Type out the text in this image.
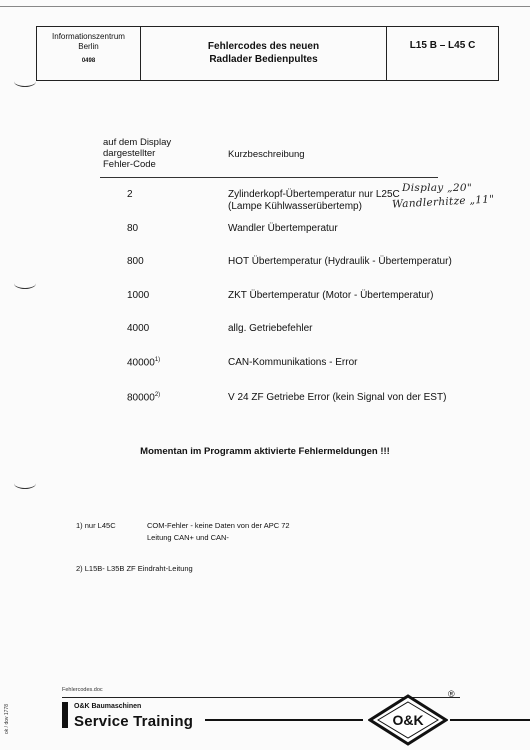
Informationszentrum
Berlin
0498
Fehlercodes des neuen
Radlader Bedienpultes
L15 B – L45 C
auf dem Display
dargestellter
Fehler-Code
Kurzbeschreibung
2	Zylinderkopf-Übertemperatur nur L25C
(Lampe Kühlwasserübertemp)
80	Wandler Übertemperatur
800	HOT Übertemperatur (Hydraulik - Übertemperatur)
1000	ZKT Übertemperatur (Motor - Übertemperatur)
4000	allg. Getriebefehler
40000$^{1)}$	CAN-Kommunikations - Error
80000$^{2)}$	V 24 ZF Getriebe Error (kein Signal von der EST)
Display „20"
Wandlerhitze „11"
Momentan im Programm aktivierte Fehlermeldungen !!!
1) nur L45C	COM-Fehler - keine Daten von der APC 72
Leitung CAN+ und CAN-
2) L15B- L35B ZF Eindraht-Leitung
ok / dov 1778
Fehlercodes.doc
O&K Baumaschinen
Service Training	O&K
®
